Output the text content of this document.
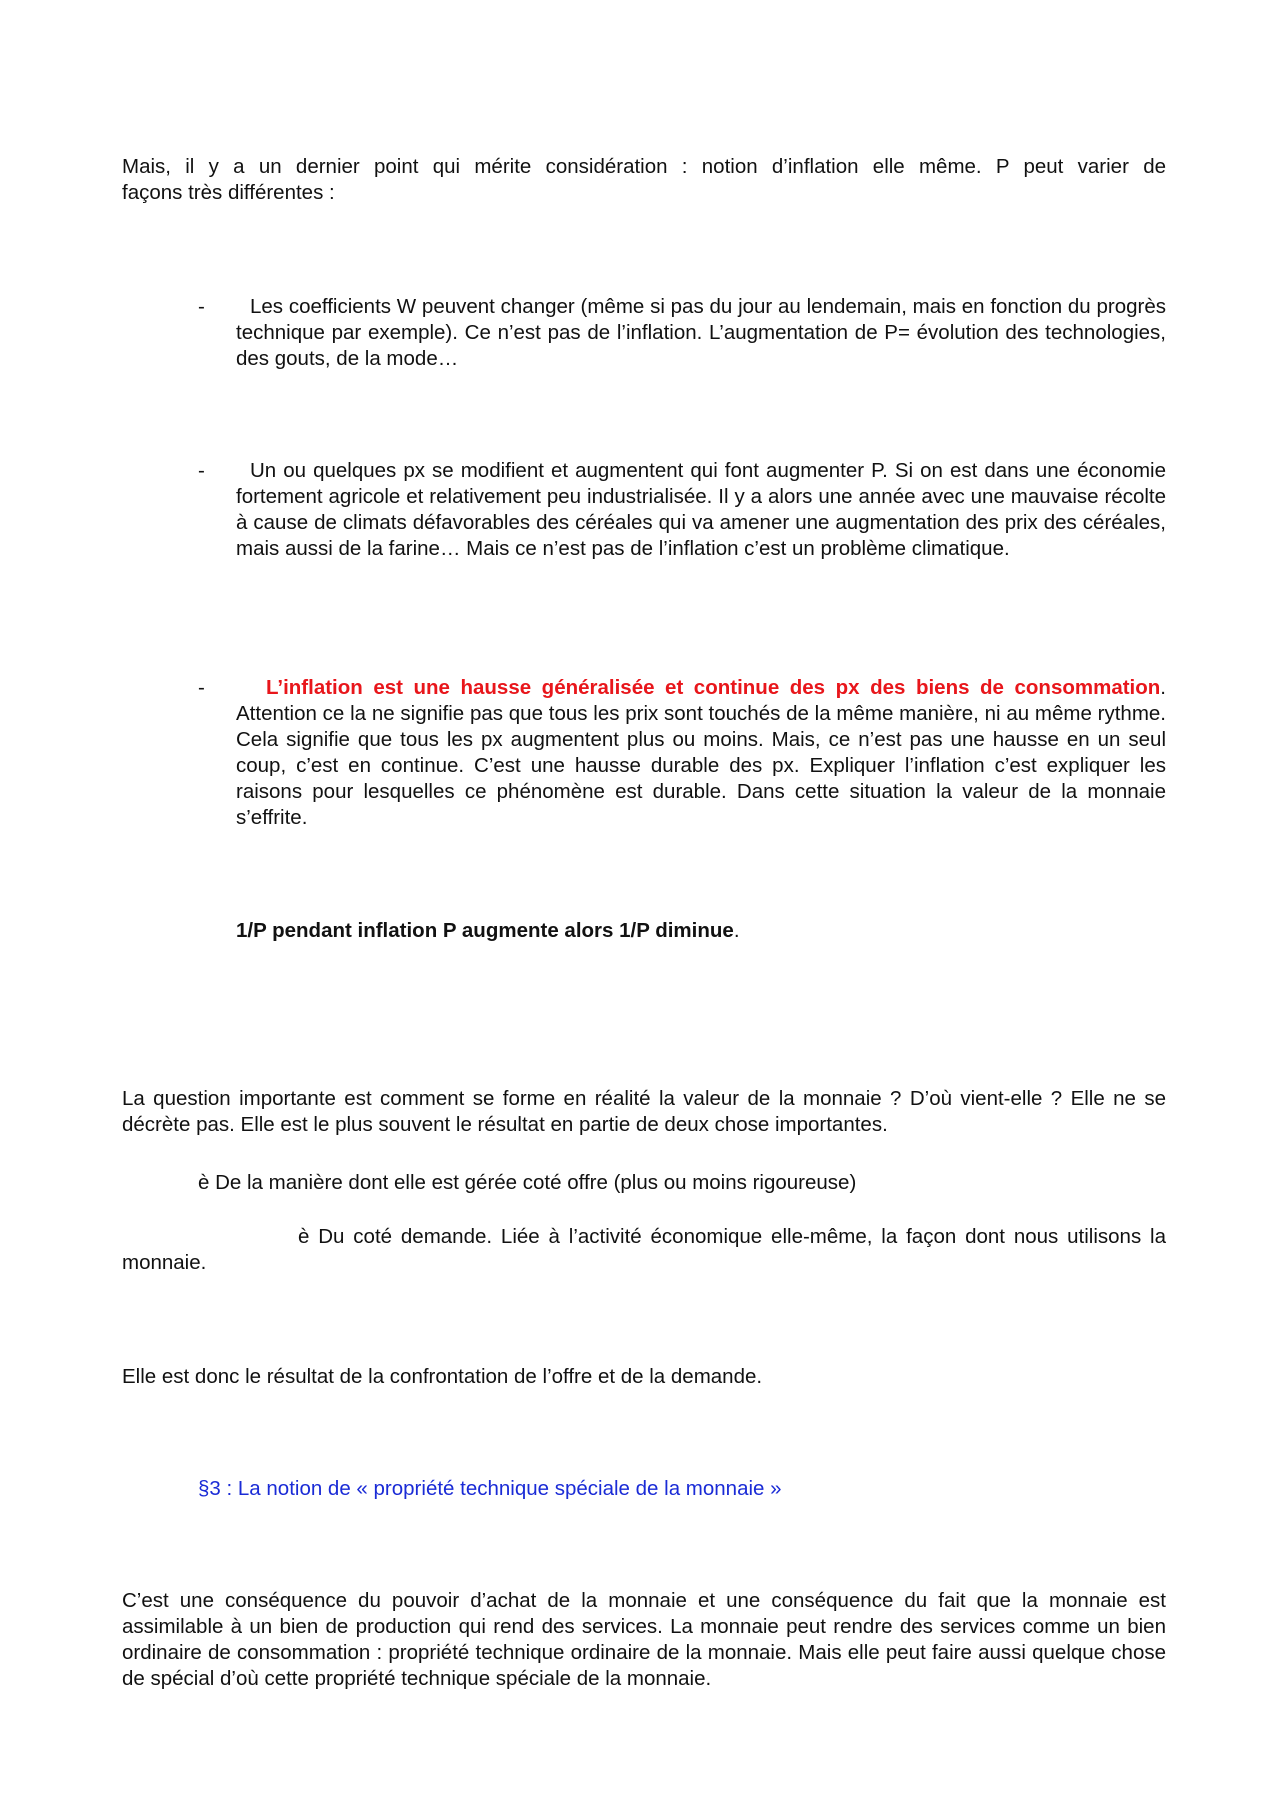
Mais, il y a un dernier point qui mérite considération : notion d’inflation elle même. P peut varier de
façons très différentes :

-	Les coefficients W peuvent changer (même si pas du jour au lendemain, mais en fonction du progrès technique par exemple). Ce n’est pas de l’inflation. L’augmentation de P= évolution des technologies, des gouts, de la mode…

-	Un ou quelques px se modifient et augmentent qui font augmenter P. Si on est dans une économie fortement agricole et relativement peu industrialisée. Il y a alors une année avec une mauvaise récolte à cause de climats défavorables des céréales qui va amener une augmentation des prix des céréales, mais aussi de la farine… Mais ce n’est pas de l’inflation c’est un problème climatique.

-	L’inflation est une hausse généralisée et continue des px des biens de consommation. Attention ce la ne signifie pas que tous les prix sont touchés de la même manière, ni au même rythme. Cela signifie que tous les px augmentent plus ou moins. Mais, ce n’est pas une hausse en un seul coup, c’est en continue. C’est une hausse durable des px. Expliquer l’inflation c’est expliquer les raisons pour lesquelles ce phénomène est durable. Dans cette situation la valeur de la monnaie s’effrite.

1/P pendant inflation P augmente alors 1/P diminue.

La question importante est comment se forme en réalité la valeur de la monnaie ? D’où vient-elle ? Elle ne se décrète pas. Elle est le plus souvent le résultat en partie de deux chose importantes.

è De la manière dont elle est gérée coté offre (plus ou moins rigoureuse)

è Du coté demande. Liée à l’activité économique elle-même, la façon dont nous utilisons la monnaie.

Elle est donc le résultat de la confrontation de l’offre et de la demande.

§3 : La notion de « propriété technique spéciale de la monnaie »

C’est une conséquence du pouvoir d’achat de la monnaie et une conséquence du fait que la monnaie est assimilable à un bien de production qui rend des services. La monnaie peut rendre des services comme un bien ordinaire de consommation : propriété technique ordinaire de la monnaie. Mais elle peut faire aussi quelque chose de spécial d’où cette propriété technique spéciale de la monnaie.
